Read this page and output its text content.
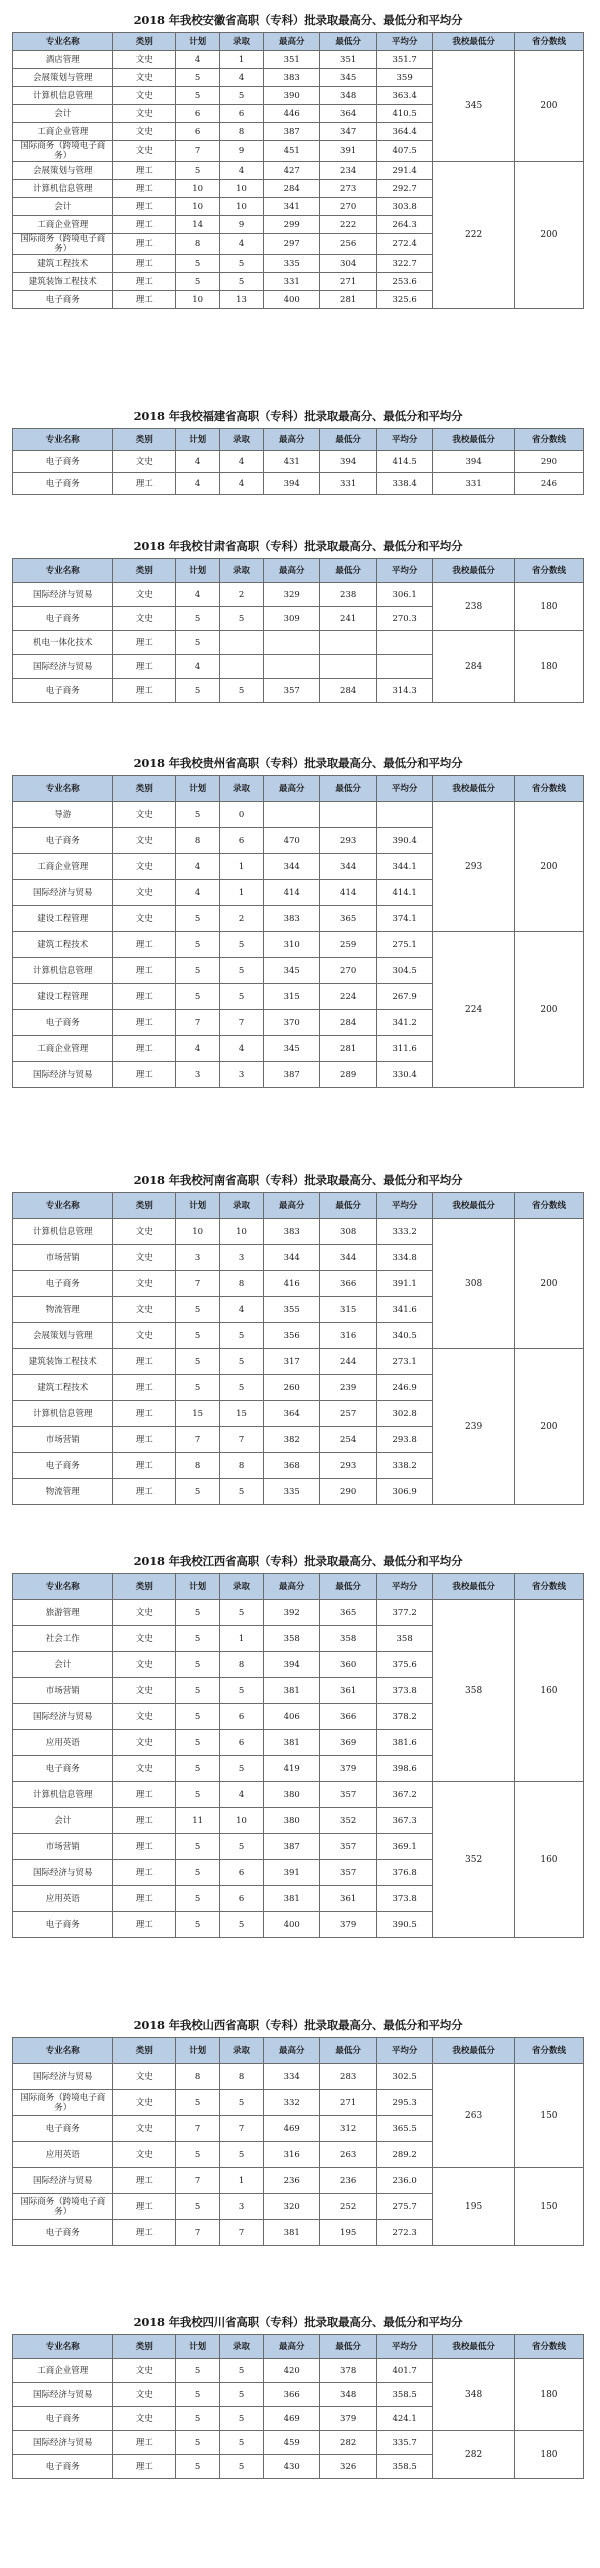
2018 年我校安徽省高职（专科）批录取最高分、最低分和平均分
专业名称	类别	计划	录取	最高分	最低分	平均分	我校最低分	省分数线
酒店管理	文史	4	1	351	351	351.7	345	200
会展策划与管理	文史	5	4	383	345	359		
计算机信息管理	文史	5	5	390	348	363.4		
会计	文史	6	6	446	364	410.5		
工商企业管理	文史	6	8	387	347	364.4		
国际商务（跨境电子商务）	文史	7	9	451	391	407.5		
会展策划与管理	理工	5	4	427	234	291.4	222	200
计算机信息管理	理工	10	10	284	273	292.7		
会计	理工	10	10	341	270	303.8		
工商企业管理	理工	14	9	299	222	264.3		
国际商务（跨境电子商务）	理工	8	4	297	256	272.4		
建筑工程技术	理工	5	5	335	304	322.7		
建筑装饰工程技术	理工	5	5	331	271	253.6		
电子商务	理工	10	13	400	281	325.6		
2018 年我校福建省高职（专科）批录取最高分、最低分和平均分
专业名称	类别	计划	录取	最高分	最低分	平均分	我校最低分	省分数线
电子商务	文史	4	4	431	394	414.5	394	290
电子商务	理工	4	4	394	331	338.4	331	246
2018 年我校甘肃省高职（专科）批录取最高分、最低分和平均分
专业名称	类别	计划	录取	最高分	最低分	平均分	我校最低分	省分数线
国际经济与贸易	文史	4	2	329	238	306.1	238	180
电子商务	文史	5	5	309	241	270.3		
机电一体化技术	理工	5					284	180
国际经济与贸易	理工	4						
电子商务	理工	5	5	357	284	314.3		
2018 年我校贵州省高职（专科）批录取最高分、最低分和平均分
专业名称	类别	计划	录取	最高分	最低分	平均分	我校最低分	省分数线
导游	文史	5	0				293	200
电子商务	文史	8	6	470	293	390.4		
工商企业管理	文史	4	1	344	344	344.1		
国际经济与贸易	文史	4	1	414	414	414.1		
建设工程管理	文史	5	2	383	365	374.1		
建筑工程技术	理工	5	5	310	259	275.1	224	200
计算机信息管理	理工	5	5	345	270	304.5		
建设工程管理	理工	5	5	315	224	267.9		
电子商务	理工	7	7	370	284	341.2		
工商企业管理	理工	4	4	345	281	311.6		
国际经济与贸易	理工	3	3	387	289	330.4		
2018 年我校河南省高职（专科）批录取最高分、最低分和平均分
专业名称	类别	计划	录取	最高分	最低分	平均分	我校最低分	省分数线
计算机信息管理	文史	10	10	383	308	333.2	308	200
市场营销	文史	3	3	344	344	334.8		
电子商务	文史	7	8	416	366	391.1		
物流管理	文史	5	4	355	315	341.6		
会展策划与管理	文史	5	5	356	316	340.5		
建筑装饰工程技术	理工	5	5	317	244	273.1	239	200
建筑工程技术	理工	5	5	260	239	246.9		
计算机信息管理	理工	15	15	364	257	302.8		
市场营销	理工	7	7	382	254	293.8		
电子商务	理工	8	8	368	293	338.2		
物流管理	理工	5	5	335	290	306.9		
2018 年我校江西省高职（专科）批录取最高分、最低分和平均分
专业名称	类别	计划	录取	最高分	最低分	平均分	我校最低分	省分数线
旅游管理	文史	5	5	392	365	377.2	358	160
社会工作	文史	5	1	358	358	358		
会计	文史	5	8	394	360	375.6		
市场营销	文史	5	5	381	361	373.8		
国际经济与贸易	文史	5	6	406	366	378.2		
应用英语	文史	5	6	381	369	381.6		
电子商务	文史	5	5	419	379	398.6		
计算机信息管理	理工	5	4	380	357	367.2	352	160
会计	理工	11	10	380	352	367.3		
市场营销	理工	5	5	387	357	369.1		
国际经济与贸易	理工	5	6	391	357	376.8		
应用英语	理工	5	6	381	361	373.8		
电子商务	理工	5	5	400	379	390.5		
2018 年我校山西省高职（专科）批录取最高分、最低分和平均分
专业名称	类别	计划	录取	最高分	最低分	平均分	我校最低分	省分数线
国际经济与贸易	文史	8	8	334	283	302.5	263	150
国际商务（跨境电子商务）	文史	5	5	332	271	295.3		
电子商务	文史	7	7	469	312	365.5		
应用英语	文史	5	5	316	263	289.2		
国际经济与贸易	理工	7	1	236	236	236.0	195	150
国际商务（跨境电子商务）	理工	5	3	320	252	275.7		
电子商务	理工	7	7	381	195	272.3		
2018 年我校四川省高职（专科）批录取最高分、最低分和平均分
专业名称	类别	计划	录取	最高分	最低分	平均分	我校最低分	省分数线
工商企业管理	文史	5	5	420	378	401.7	348	180
国际经济与贸易	文史	5	5	366	348	358.5		
电子商务	文史	5	5	469	379	424.1		
国际经济与贸易	理工	5	5	459	282	335.7	282	180
电子商务	理工	5	5	430	326	358.5		
